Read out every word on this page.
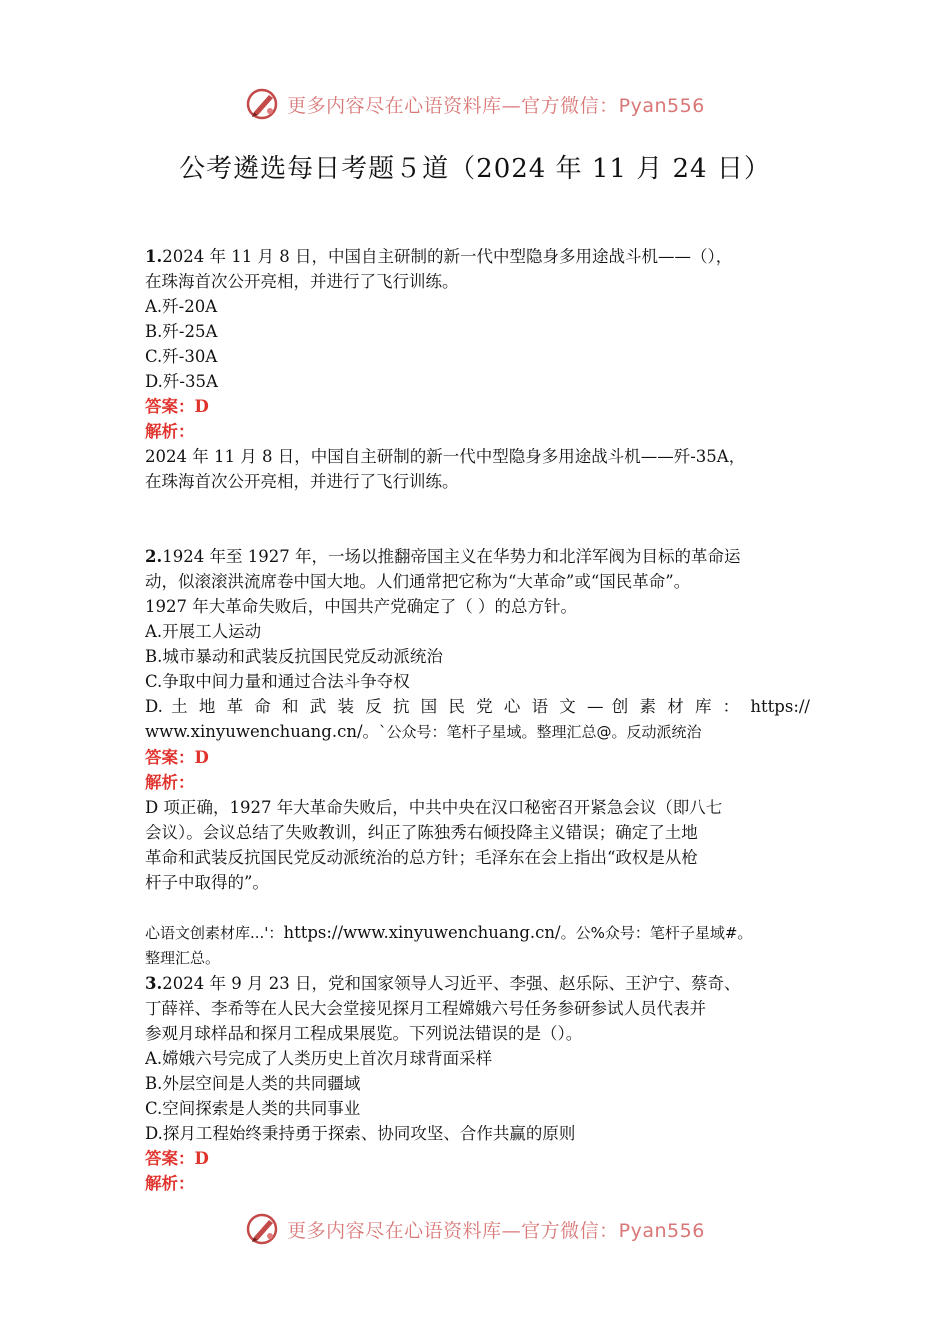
更多内容尽在心语资料库—官方微信：Pyan556
公考遴选每日考题５道（2024 年 11 月 24 日）
1.2024 年 11 月 8 日，中国自主研制的新一代中型隐身多用途战斗机——（），
在珠海首次公开亮相，并进行了飞行训练。
A.歼-20A
B.歼-25A
C.歼-30A
D.歼-35A
答案：D
解析：
2024 年 11 月 8 日，中国自主研制的新一代中型隐身多用途战斗机——歼-35A，
在珠海首次公开亮相，并进行了飞行训练。
2.1924 年至 1927 年，一场以推翻帝国主义在华势力和北洋军阀为目标的革命运
动，似滚滚洪流席卷中国大地。人们通常把它称为“大革命”或“国民革命”。
1927 年大革命失败后，中国共产党确定了（ ）的总方针。
A.开展工人运动
B.城市暴动和武装反抗国民党反动派统治
C.争取中间力量和通过合法斗争夺权
D. 土 地 革 命 和 武 装 反 抗 国 民 党 心 语 文 — 创 素 材 库 ： https://
www.xinyuwenchuang.cn/。`公众号：笔杆子星域。整理汇总@。反动派统治
答案：D
解析：
D 项正确，1927 年大革命失败后，中共中央在汉口秘密召开紧急会议（即八七
会议）。会议总结了失败教训，纠正了陈独秀右倾投降主义错误；确定了土地
革命和武装反抗国民党反动派统治的总方针；毛泽东在会上指出“政权是从枪
杆子中取得的”。
心语文创素材库...'：https://www.xinyuwenchuang.cn/。公%众号：笔杆子星域#。
整理汇总。
3.2024 年 9 月 23 日，党和国家领导人习近平、李强、赵乐际、王沪宁、蔡奇、
丁薛祥、李希等在人民大会堂接见探月工程嫦娥六号任务参研参试人员代表并
参观月球样品和探月工程成果展览。下列说法错误的是（）。
A.嫦娥六号完成了人类历史上首次月球背面采样
B.外层空间是人类的共同疆域
C.空间探索是人类的共同事业
D.探月工程始终秉持勇于探索、协同攻坚、合作共赢的原则
答案：D
解析：
更多内容尽在心语资料库—官方微信：Pyan556
